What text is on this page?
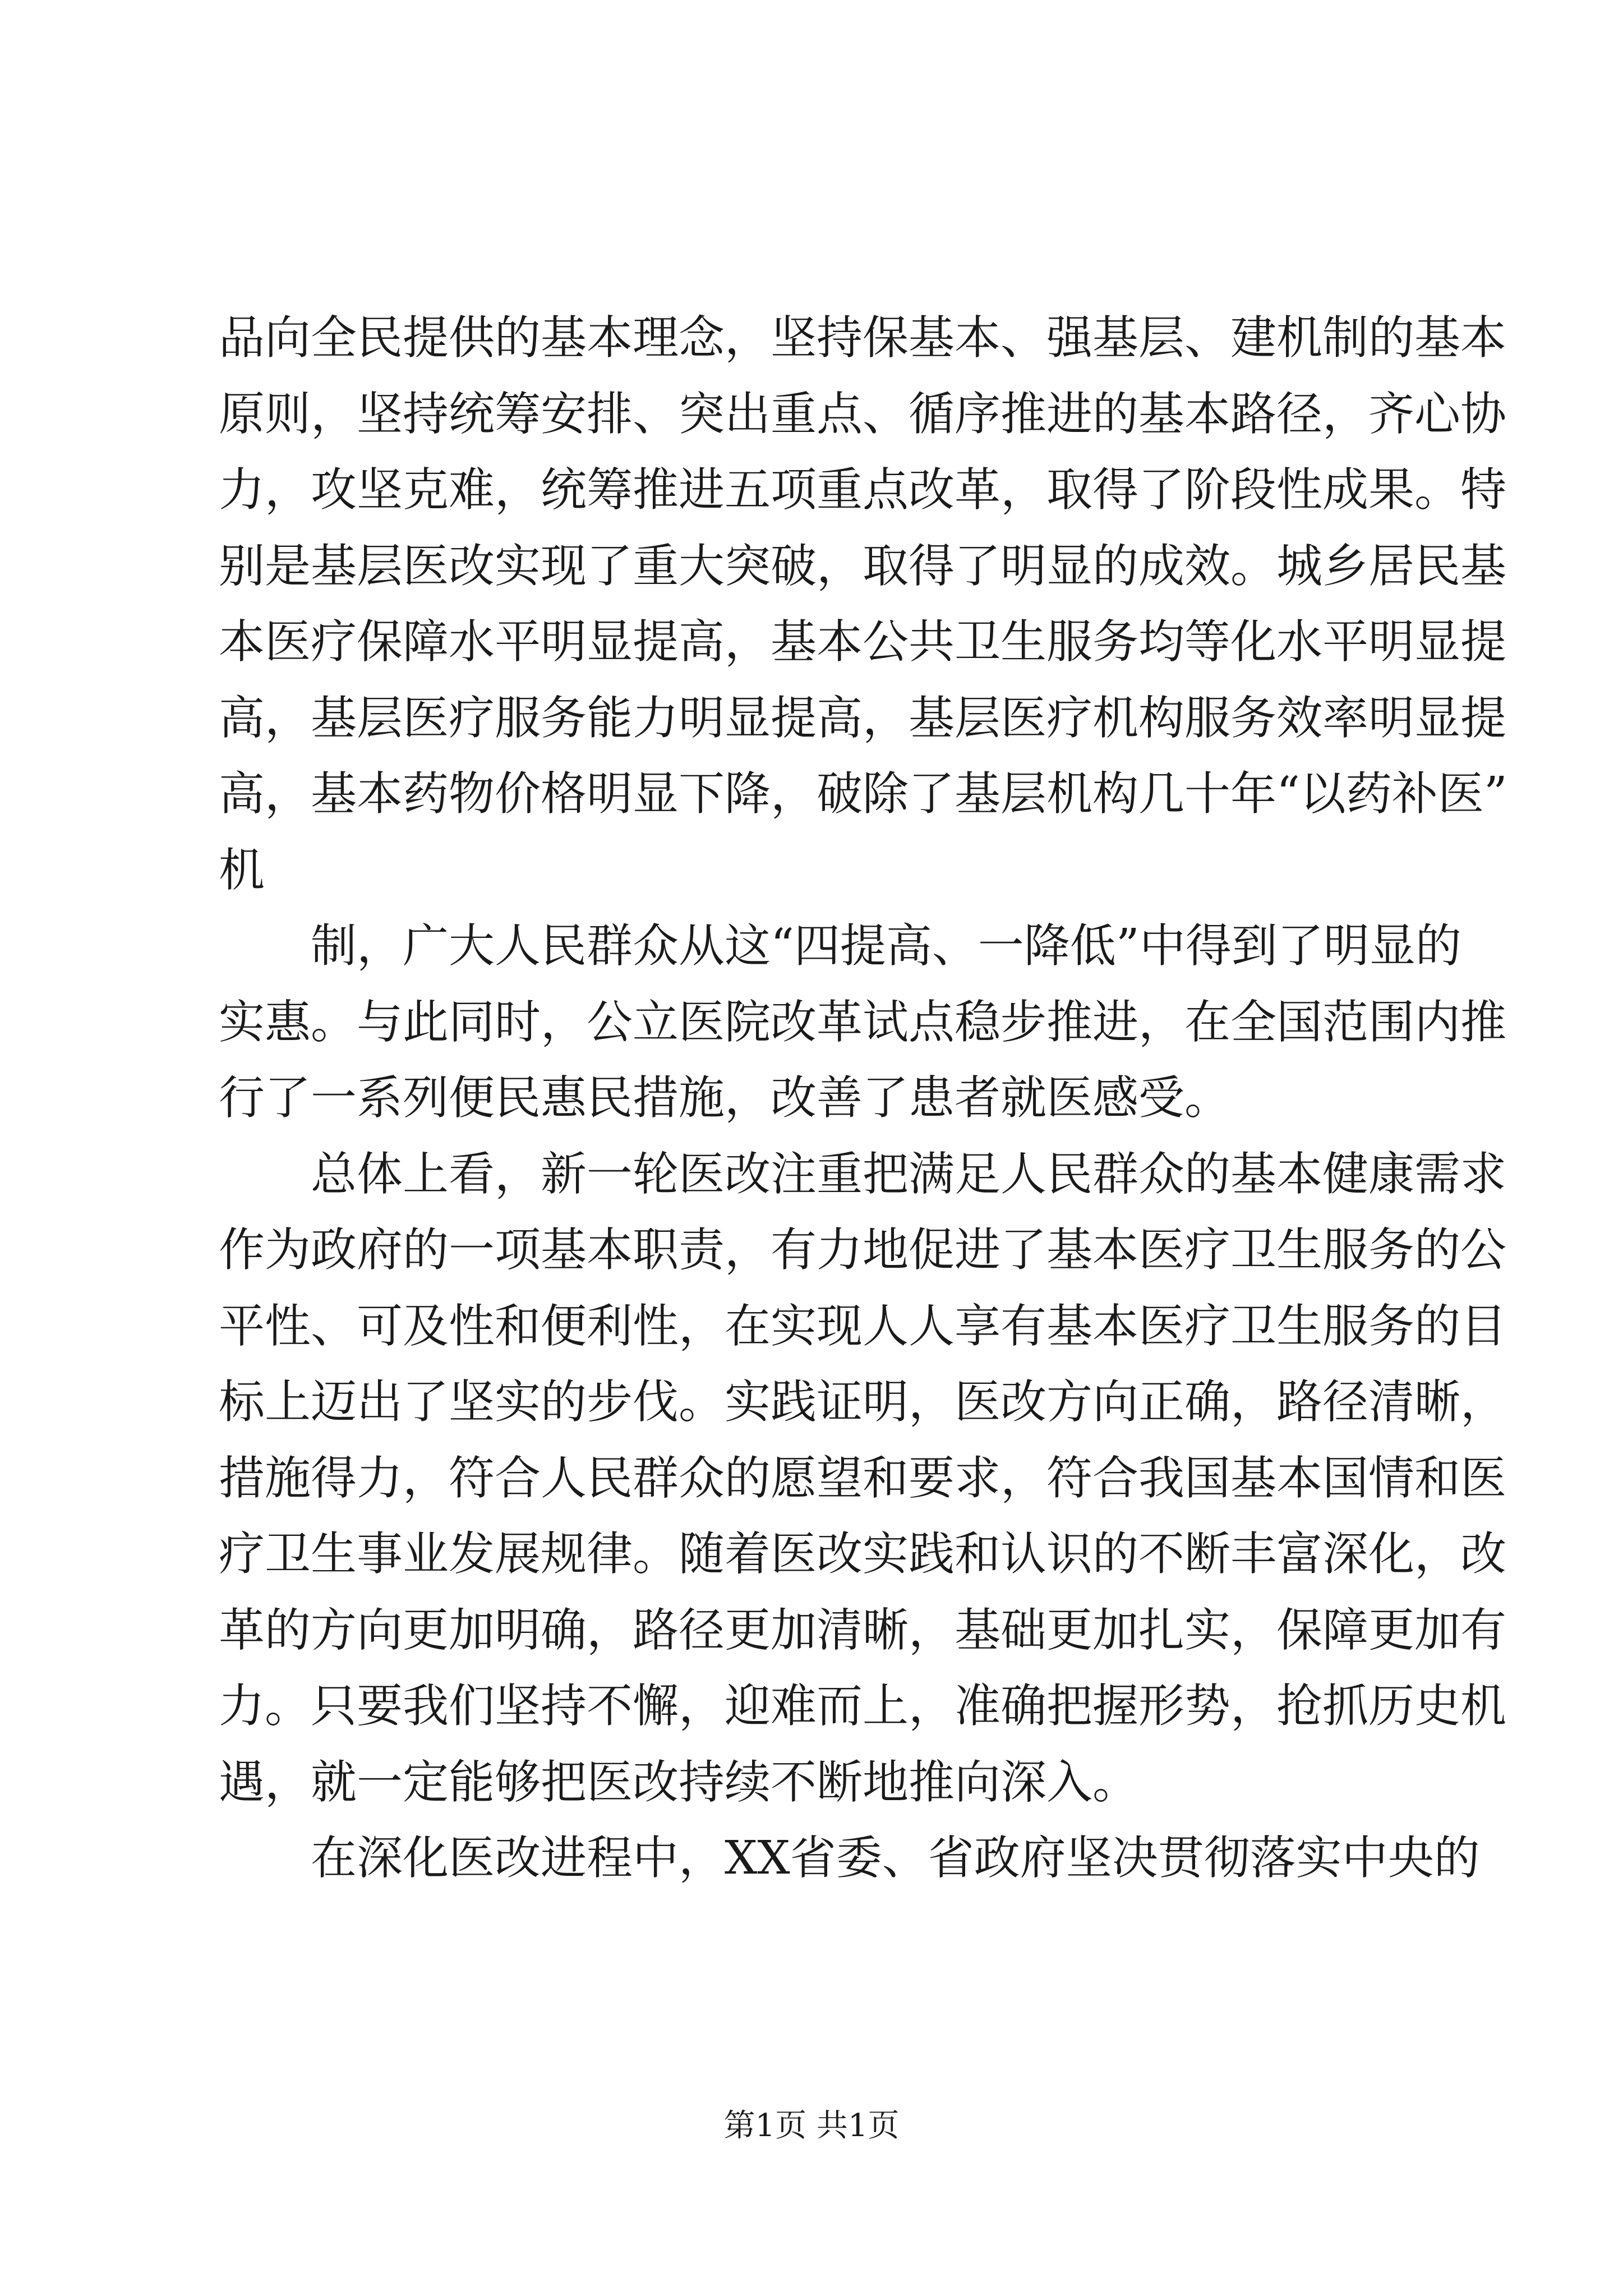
品向全民提供的基本理念，坚持保基本、强基层、建机制的基本
原则，坚持统筹安排、突出重点、循序推进的基本路径，齐心协
力，攻坚克难，统筹推进五项重点改革，取得了阶段性成果。特
别是基层医改实现了重大突破，取得了明显的成效。城乡居民基
本医疗保障水平明显提高，基本公共卫生服务均等化水平明显提
高，基层医疗服务能力明显提高，基层医疗机构服务效率明显提
高，基本药物价格明显下降，破除了基层机构几十年“以药补医”
机
　　制，广大人民群众从这“四提高、一降低”中得到了明显的
实惠。与此同时，公立医院改革试点稳步推进，在全国范围内推
行了一系列便民惠民措施，改善了患者就医感受。
　　总体上看，新一轮医改注重把满足人民群众的基本健康需求
作为政府的一项基本职责，有力地促进了基本医疗卫生服务的公
平性、可及性和便利性，在实现人人享有基本医疗卫生服务的目
标上迈出了坚实的步伐。实践证明，医改方向正确，路径清晰，
措施得力，符合人民群众的愿望和要求，符合我国基本国情和医
疗卫生事业发展规律。随着医改实践和认识的不断丰富深化，改
革的方向更加明确，路径更加清晰，基础更加扎实，保障更加有
力。只要我们坚持不懈，迎难而上，准确把握形势，抢抓历史机
遇，就一定能够把医改持续不断地推向深入。
　　在深化医改进程中，XX省委、省政府坚决贯彻落实中央的
第1页 共1页
